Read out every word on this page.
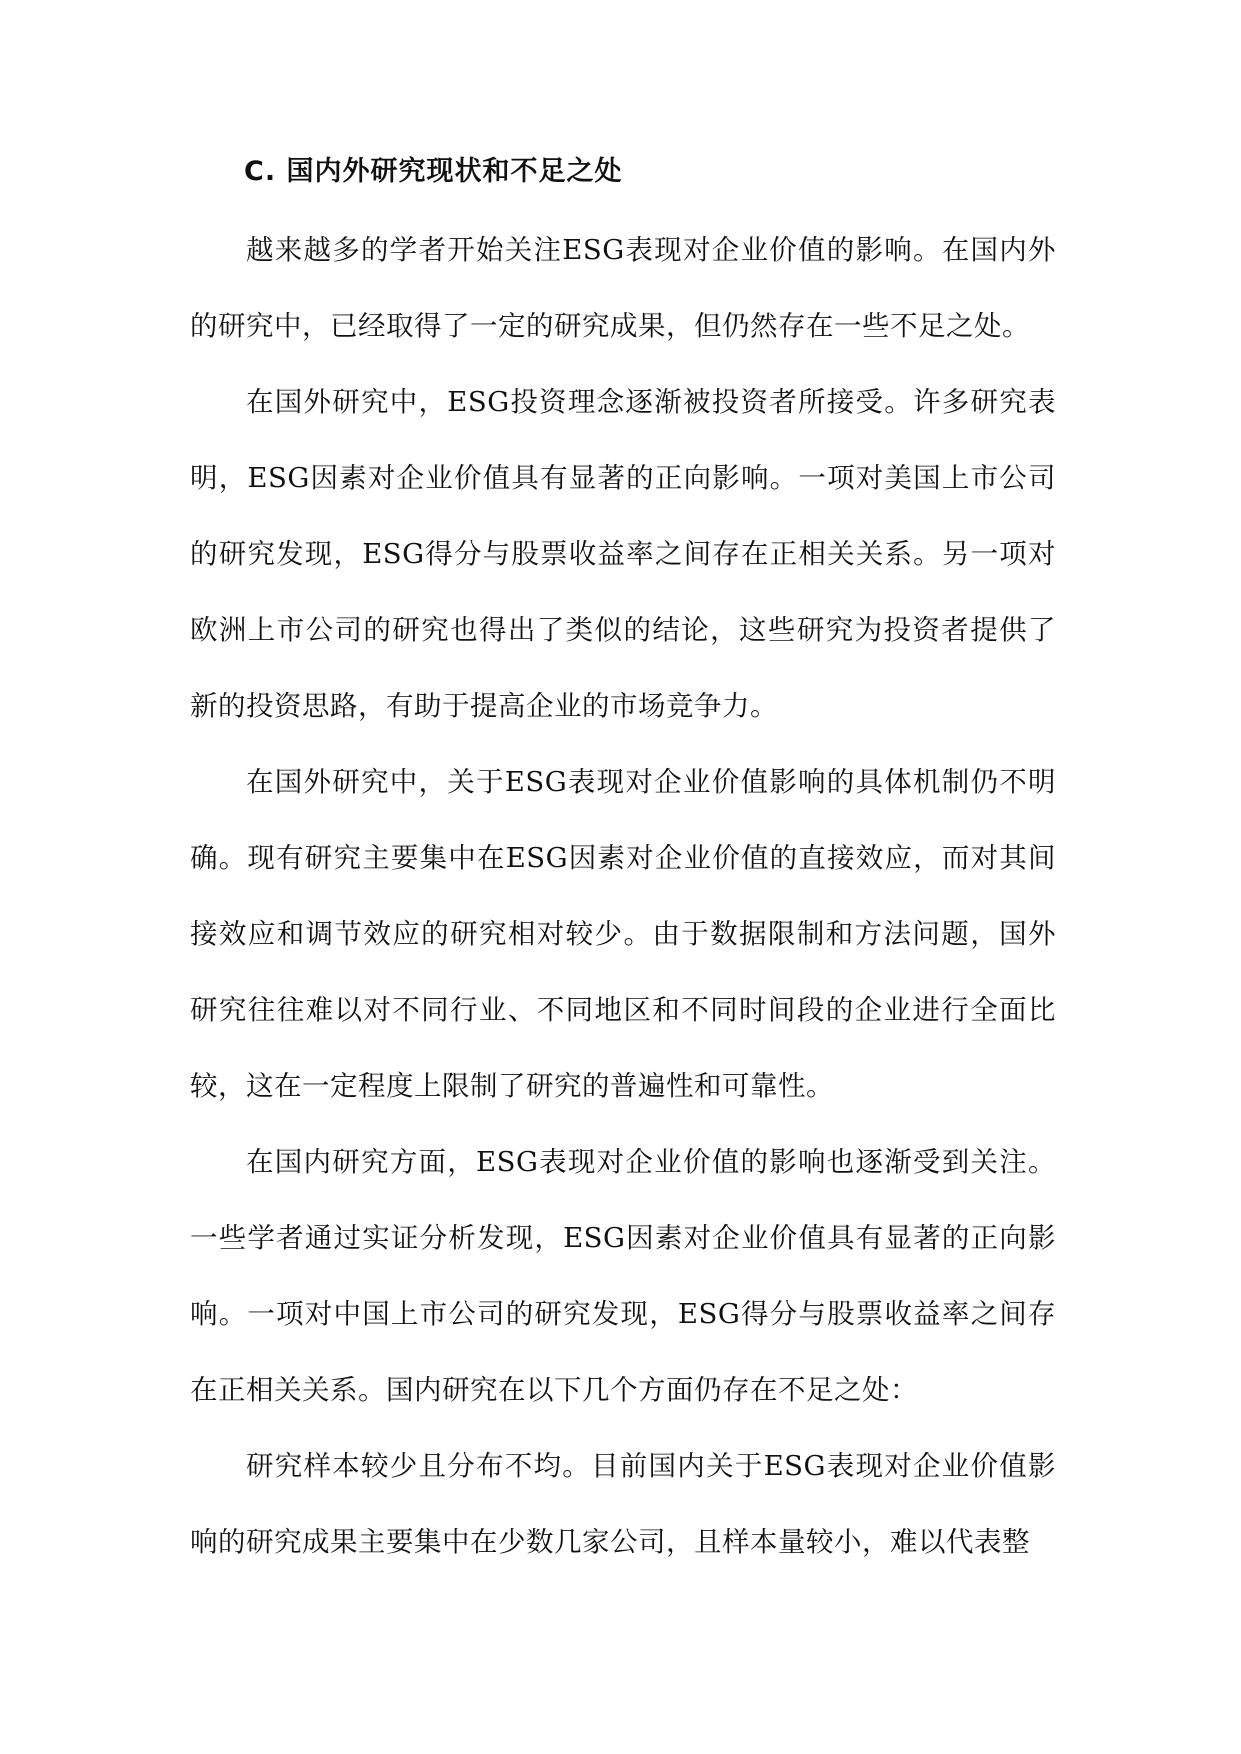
C. 国内外研究现状和不足之处

越来越多的学者开始关注ESG表现对企业价值的影响。在国内外的研究中，已经取得了一定的研究成果，但仍然存在一些不足之处。

在国外研究中，ESG投资理念逐渐被投资者所接受。许多研究表明，ESG因素对企业价值具有显著的正向影响。一项对美国上市公司的研究发现，ESG得分与股票收益率之间存在正相关关系。另一项对欧洲上市公司的研究也得出了类似的结论，这些研究为投资者提供了新的投资思路，有助于提高企业的市场竞争力。

在国外研究中，关于ESG表现对企业价值影响的具体机制仍不明确。现有研究主要集中在ESG因素对企业价值的直接效应，而对其间接效应和调节效应的研究相对较少。由于数据限制和方法问题，国外研究往往难以对不同行业、不同地区和不同时间段的企业进行全面比较，这在一定程度上限制了研究的普遍性和可靠性。

在国内研究方面，ESG表现对企业价值的影响也逐渐受到关注。一些学者通过实证分析发现，ESG因素对企业价值具有显著的正向影响。一项对中国上市公司的研究发现，ESG得分与股票收益率之间存在正相关关系。国内研究在以下几个方面仍存在不足之处：

研究样本较少且分布不均。目前国内关于ESG表现对企业价值影响的研究成果主要集中在少数几家公司，且样本量较小，难以代表整
